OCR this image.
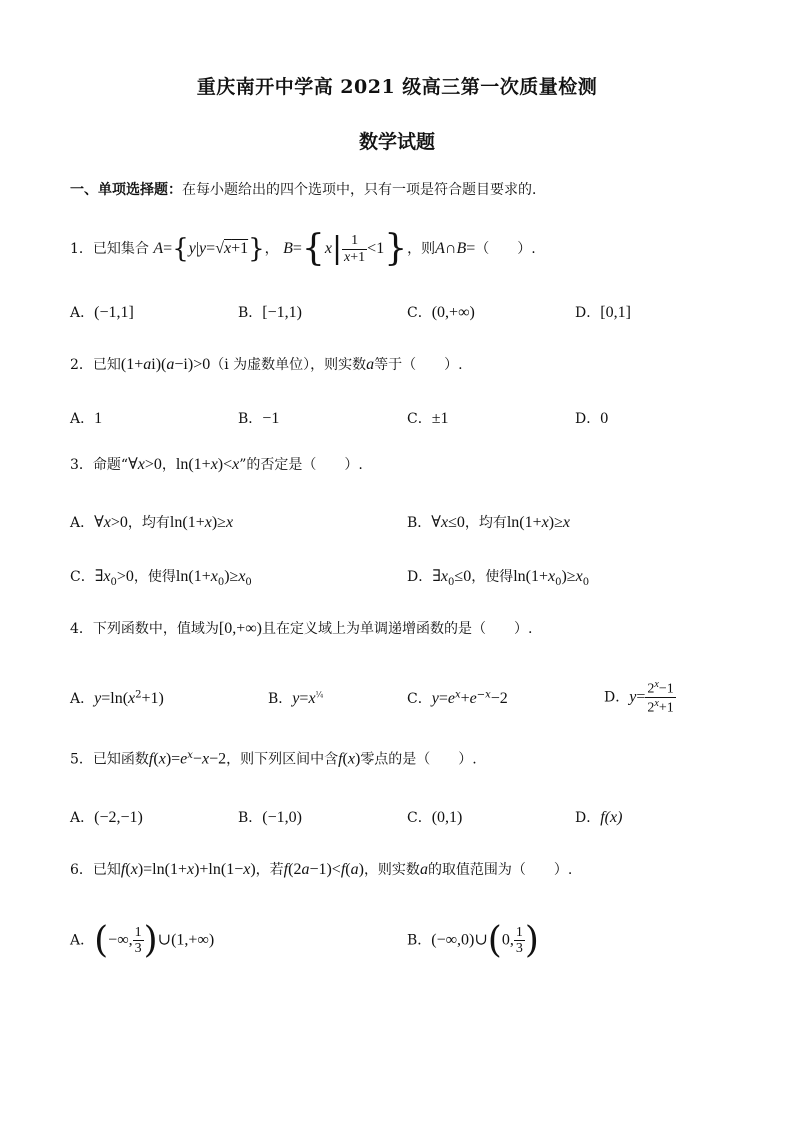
重庆南开中学高 2021 级高三第一次质量检测
数学试题
一、单项选择题：在每小题给出的四个选项中，只有一项是符合题目要求的．
1．已知集合 A={y|y=√x+1}， $B=\{x| \frac{1}{x+1} <1\}$，则A∩B=（　　）.
A．(−1,1]	B．[−1,1)	C．(0,+∞)	D．[0,1]
2．已知(1+ai)(a−i)>0（i 为虚数单位），则实数a等于（　　）.
A．1	B．−1	C．±1	D．0
3．命题“∀x>0，ln(1+x)<x”的否定是（　　）.
A．∀x>0，均有ln(1+x)≥x	B．∀x≤0，均有ln(1+x)≥x
C．$\exists x_0>0$，使得$\ln(1+x_0)\ge x_0$	D．$\exists x_0\le 0$，使得$\ln(1+x_0)\ge x_0$
4．下列函数中，值域为[0,+∞)且在定义域上为单调递增函数的是（　　）.
A．$y=\ln(x^2+1)$	B．$y=x^{\frac{1}{4}}$	C．$y=e^x+e^{-x}-2$	D．$y= \frac{2^x-1}{2^x+1}$
5．已知函数$f(x)=e^x-x-2$，则下列区间中含f(x)零点的是（　　）.
A．(−2,−1)	B．(−1,0)	C．(0,1)	D．f(x)
6．已知f(x)=ln(1+x)+ln(1−x)，若f(2a−1)<f(a)，则实数a的取值范围为（　　）.
A．(−∞, $\frac{1}{3}$ )∪(1,+∞)	B．(−∞,0)∪(0, $\frac{1}{3}$ )
